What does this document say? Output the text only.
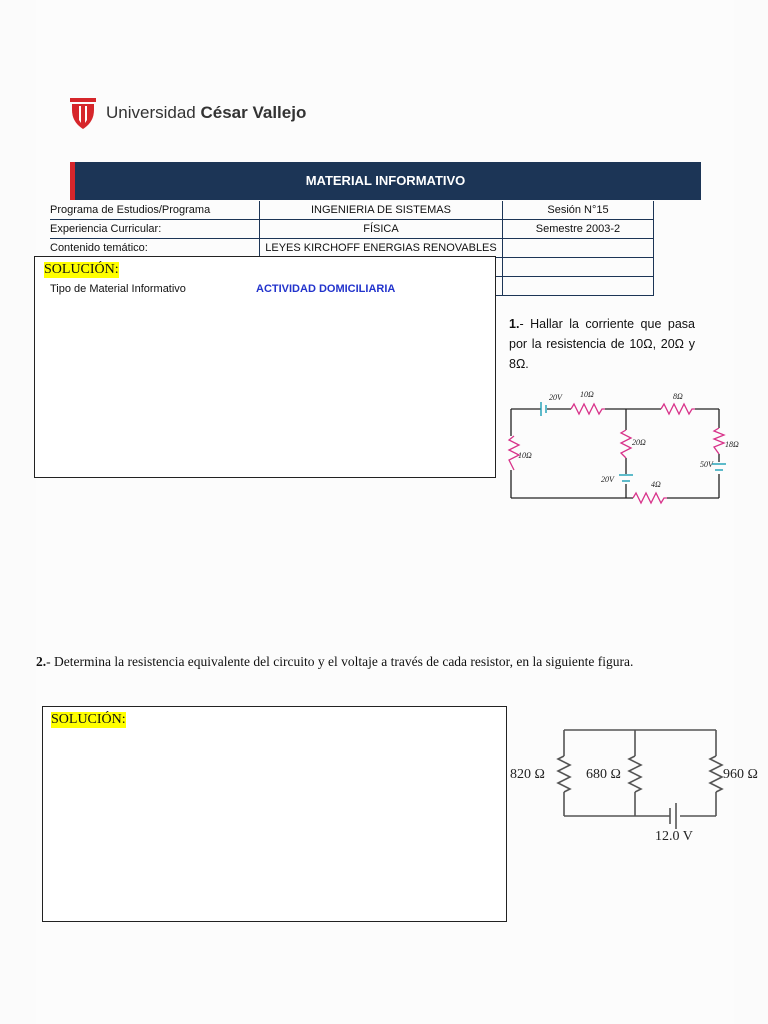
Universidad César Vallejo
MATERIAL INFORMATIVO
Programa de Estudios/Programa	INGENIERIA DE SISTEMAS	Sesión N°15
Experiencia Curricular:	FÍSICA	Semestre 2003-2
Contenido temático:	LEYES KIRCHOFF ENERGIAS RENOVABLES	

SOLUCIÓN:
Tipo de Material Informativo	ACTIVIDAD DOMICILIARIA
1.- Hallar la corriente que pasa por la resistencia de 10Ω, 20Ω y 8Ω.
20V 10Ω	8Ω
20Ω	18Ω
10Ω
20V
50V
4Ω
2.- Determina la resistencia equivalente del circuito y el voltaje a través de cada resistor, en la siguiente figura.
SOLUCIÓN:
820 Ω	680 Ω	960 Ω
12.0 V
